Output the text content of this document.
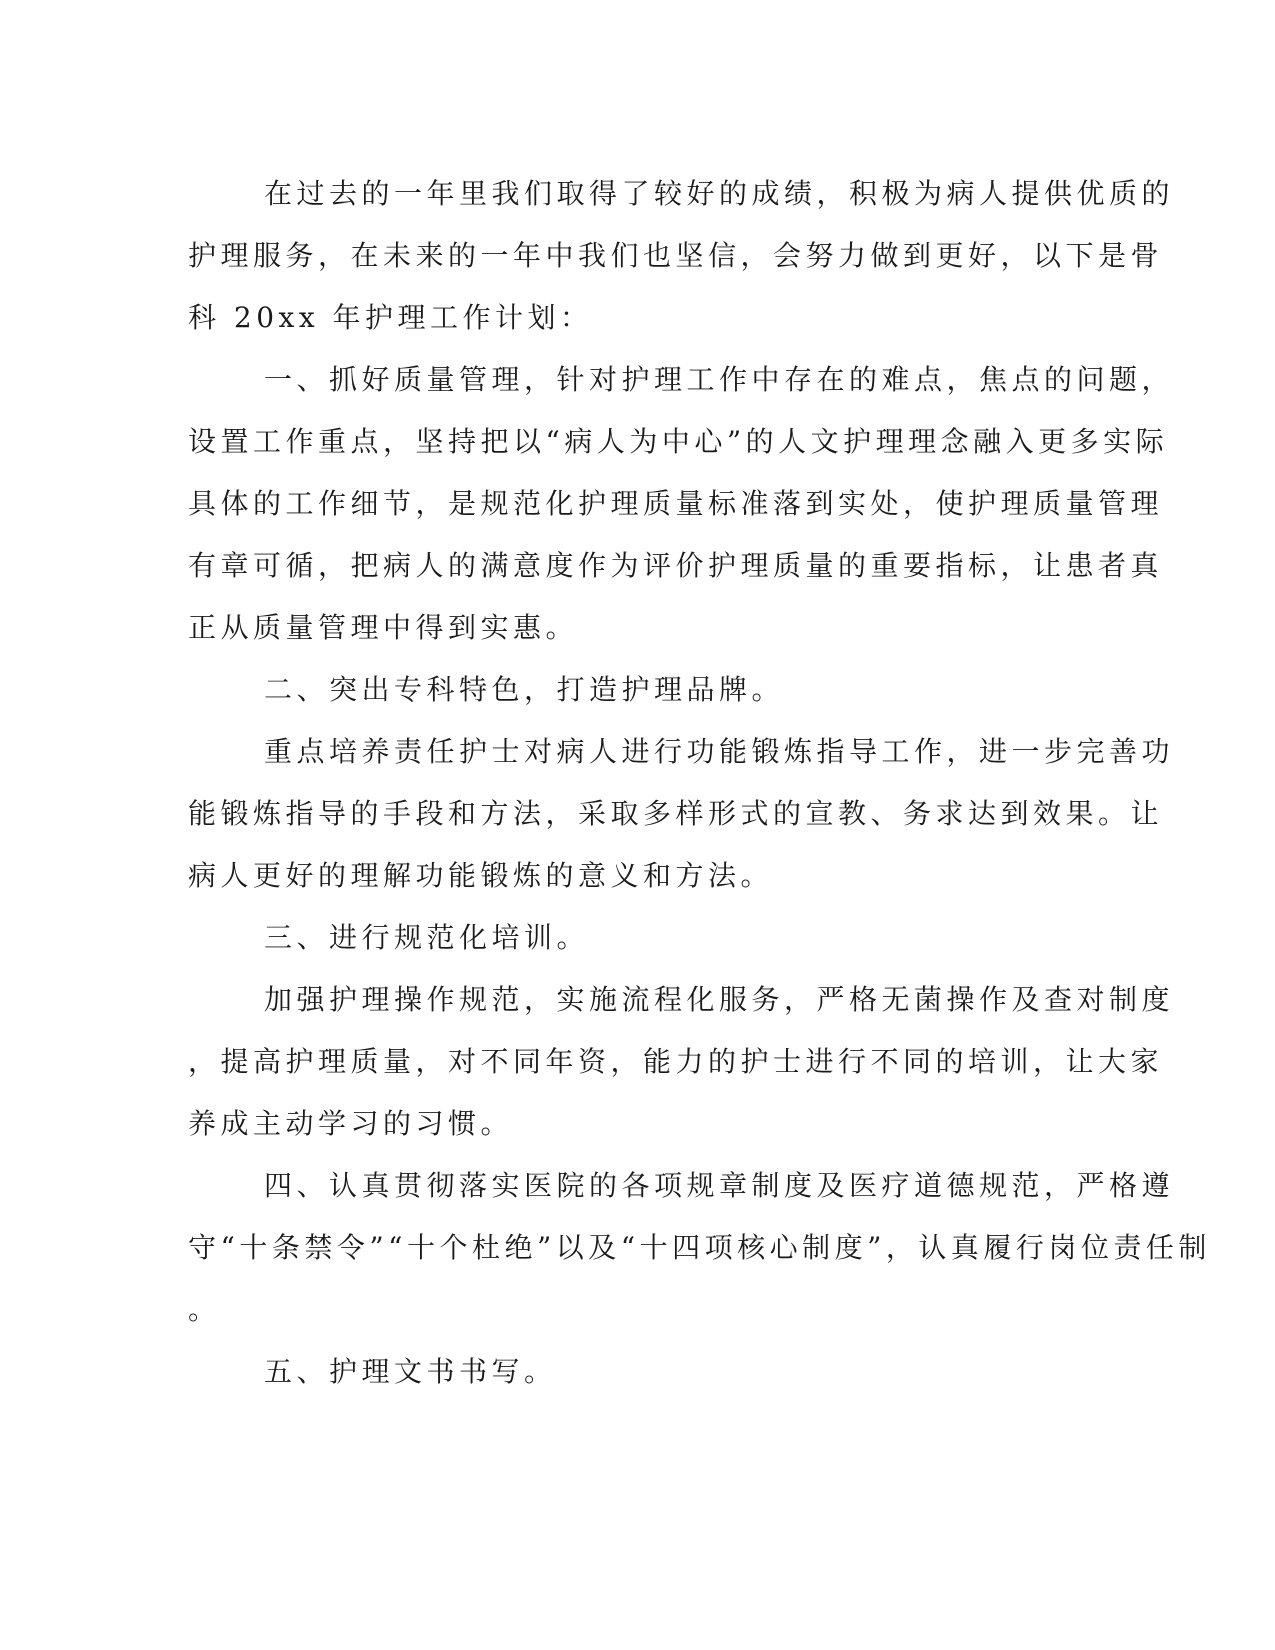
在过去的一年里我们取得了较好的成绩，积极为病人提供优质的
护理服务，在未来的一年中我们也坚信，会努力做到更好，以下是骨
科 20xx 年护理工作计划：
一、抓好质量管理，针对护理工作中存在的难点，焦点的问题，
设置工作重点，坚持把以“病人为中心”的人文护理理念融入更多实际
具体的工作细节，是规范化护理质量标准落到实处，使护理质量管理
有章可循，把病人的满意度作为评价护理质量的重要指标，让患者真
正从质量管理中得到实惠。
二、突出专科特色，打造护理品牌。
重点培养责任护士对病人进行功能锻炼指导工作，进一步完善功
能锻炼指导的手段和方法，采取多样形式的宣教、务求达到效果。让
病人更好的理解功能锻炼的意义和方法。
三、进行规范化培训。
加强护理操作规范，实施流程化服务，严格无菌操作及查对制度
，提高护理质量，对不同年资，能力的护士进行不同的培训，让大家
养成主动学习的习惯。
四、认真贯彻落实医院的各项规章制度及医疗道德规范，严格遵
守“十条禁令”“十个杜绝”以及“十四项核心制度”，认真履行岗位责任制
。
五、护理文书书写。
